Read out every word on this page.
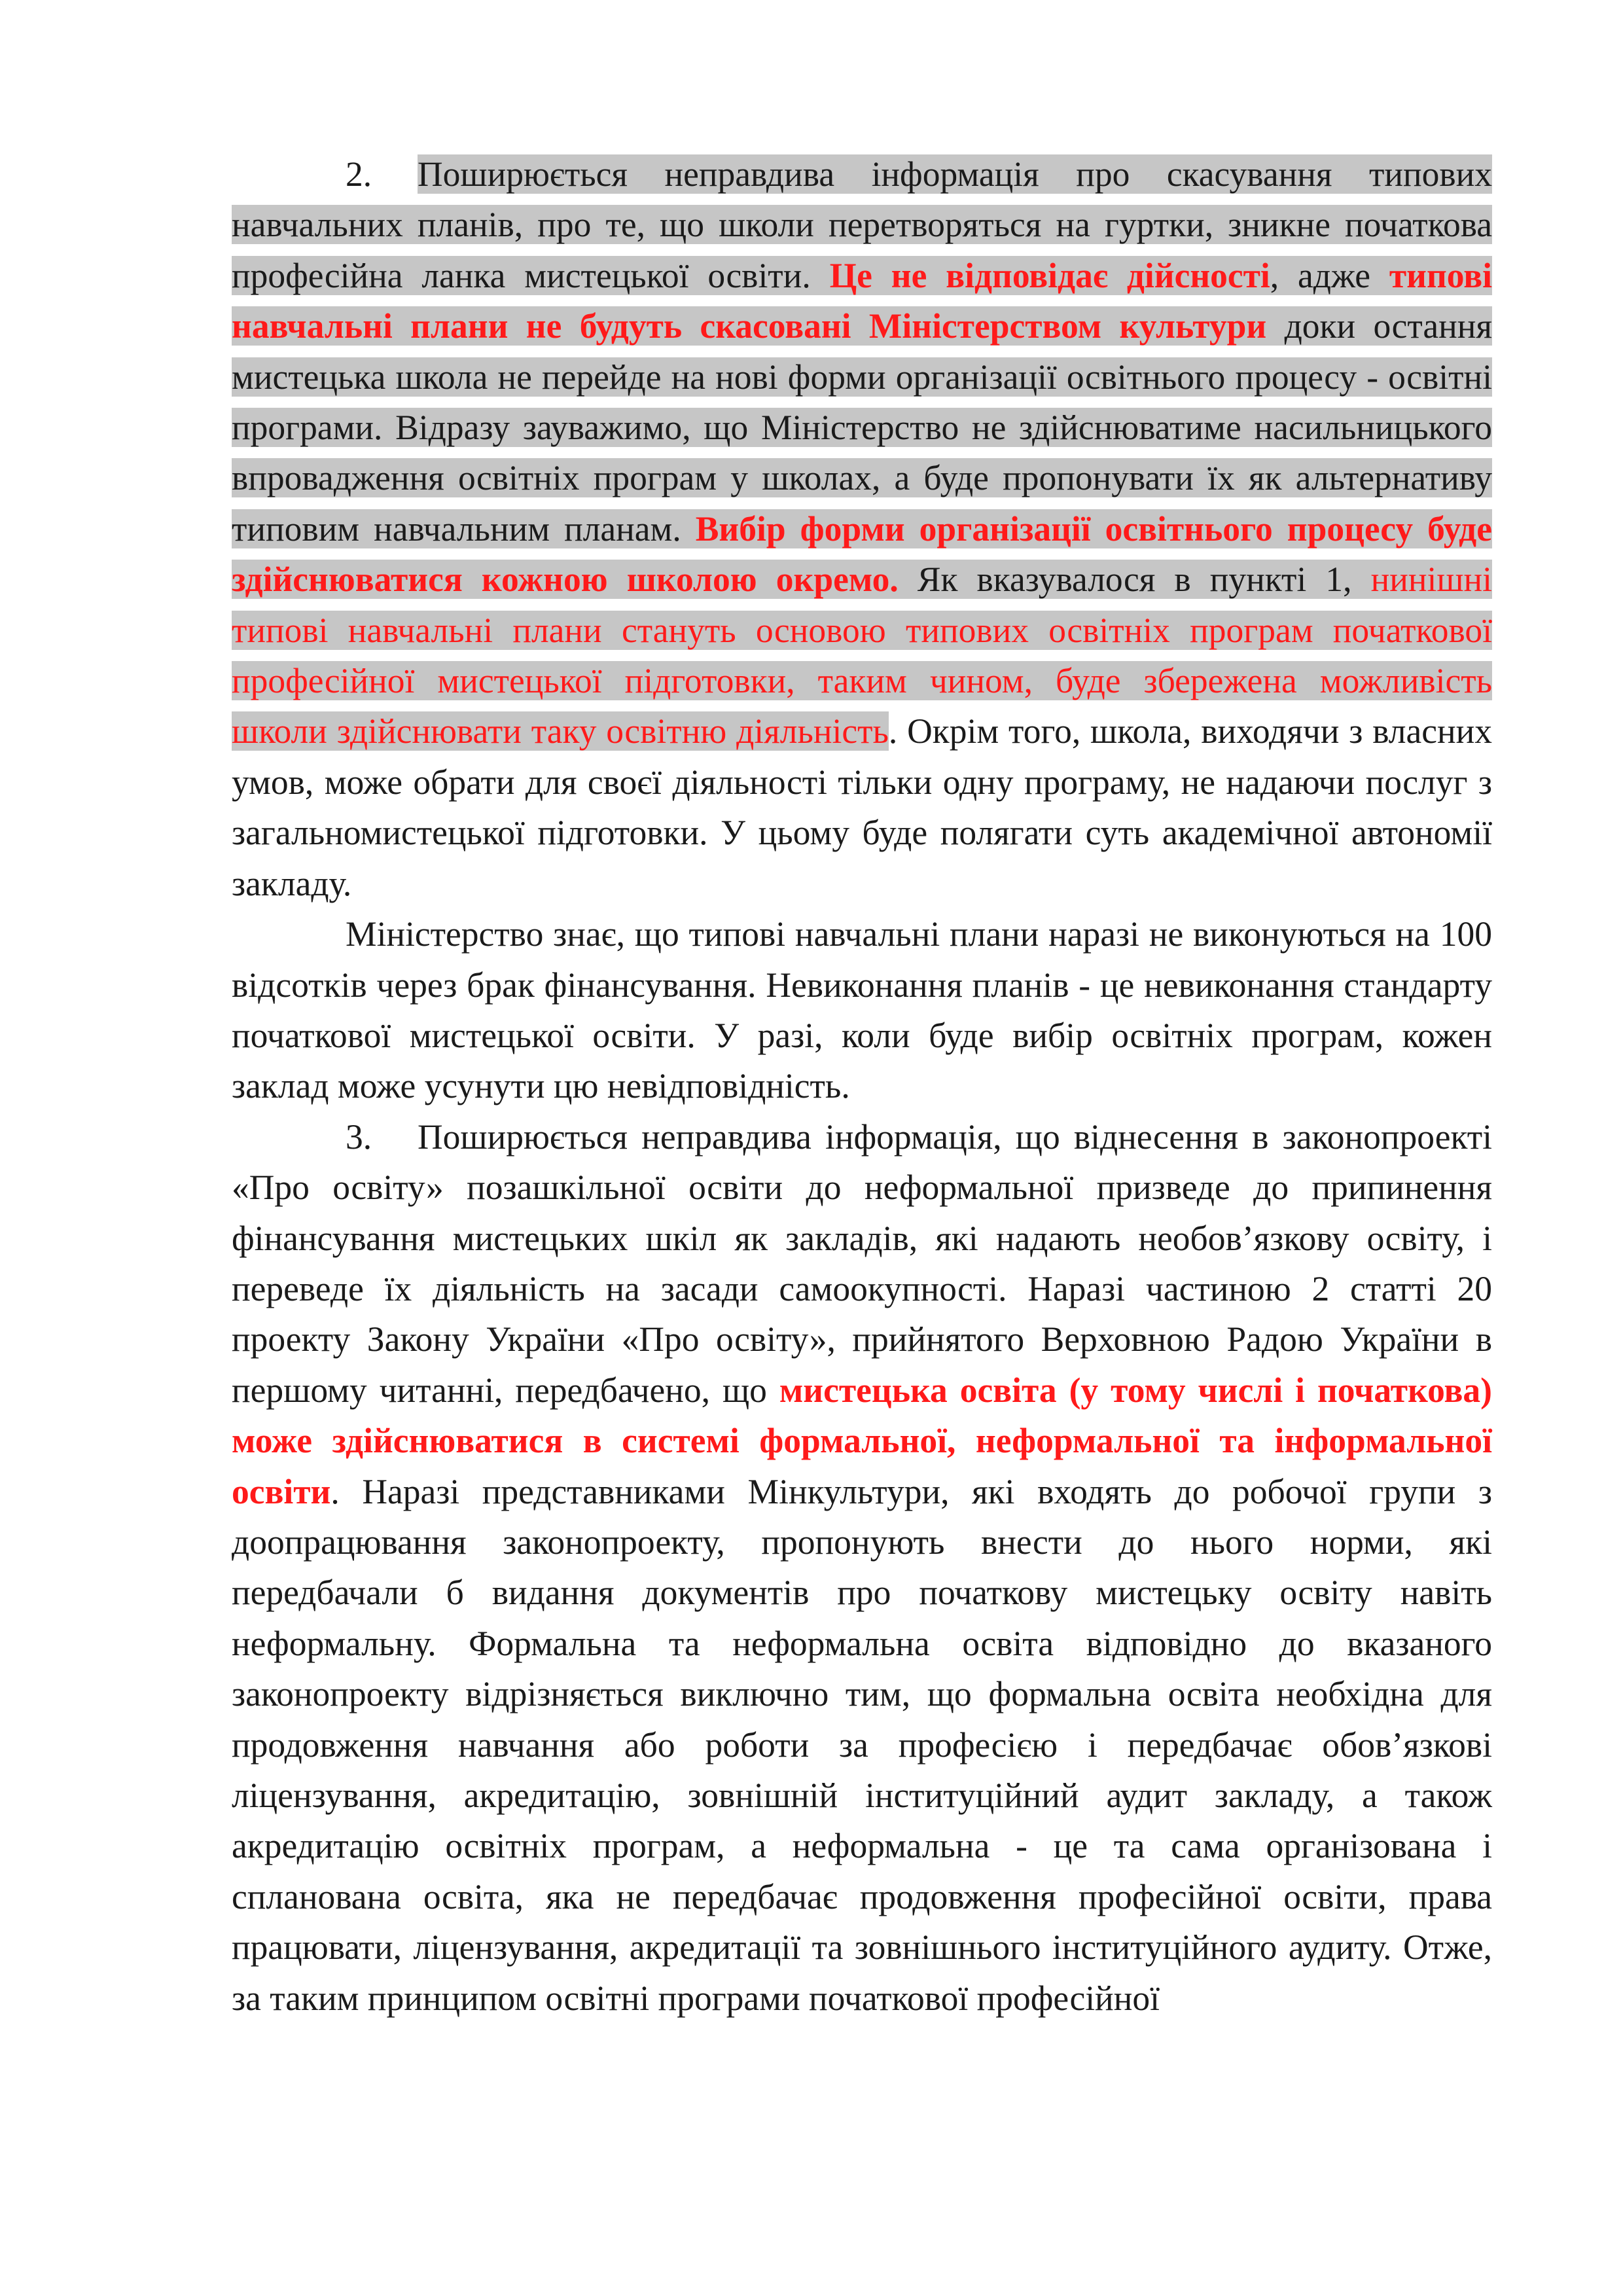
2. Поширюється неправдива інформація про скасування типових навчальних планів, про те, що школи перетворяться на гуртки, зникне початкова професійна ланка мистецької освіти. Це не відповідає дійсності, адже типові навчальні плани не будуть скасовані Міністерством культури доки остання мистецька школа не перейде на нові форми організації освітнього процесу - освітні програми. Відразу зауважимо, що Міністерство не здійснюватиме насильницького впровадження освітніх програм у школах, а буде пропонувати їх як альтернативу типовим навчальним планам. Вибір форми організації освітнього процесу буде здійснюватися кожною школою окремо. Як вказувалося в пункті 1, нинішні типові навчальні плани стануть основою типових освітніх програм початкової професійної мистецької підготовки, таким чином, буде збережена можливість школи здійснювати таку освітню діяльність. Окрім того, школа, виходячи з власних умов, може обрати для своєї діяльності тільки одну програму, не надаючи послуг з загальномистецької підготовки. У цьому буде полягати суть академічної автономії закладу.

Міністерство знає, що типові навчальні плани наразі не виконуються на 100 відсотків через брак фінансування. Невиконання планів - це невиконання стандарту початкової мистецької освіти. У разі, коли буде вибір освітніх програм, кожен заклад може усунути цю невідповідність.

3. Поширюється неправдива інформація, що віднесення в законопроекті «Про освіту» позашкільної освіти до неформальної призведе до припинення фінансування мистецьких шкіл як закладів, які надають необов’язкову освіту, і переведе їх діяльність на засади самоокупності. Наразі частиною 2 статті 20 проекту Закону України «Про освіту», прийнятого Верховною Радою України в першому читанні, передбачено, що мистецька освіта (у тому числі і початкова) може здійснюватися в системі формальної, неформальної та інформальної освіти. Наразі представниками Мінкультури, які входять до робочої групи з доопрацювання законопроекту, пропонують внести до нього норми, які передбачали б видання документів про початкову мистецьку освіту навіть неформальну. Формальна та неформальна освіта відповідно до вказаного законопроекту відрізняється виключно тим, що формальна освіта необхідна для продовження навчання або роботи за професією і передбачає обов’язкові ліцензування, акредитацію, зовнішній інституційний аудит закладу, а також акредитацію освітніх програм, а неформальна - це та сама організована і спланована освіта, яка не передбачає продовження професійної освіти, права працювати, ліцензування, акредитації та зовнішнього інституційного аудиту. Отже, за таким принципом освітні програми початкової професійної
